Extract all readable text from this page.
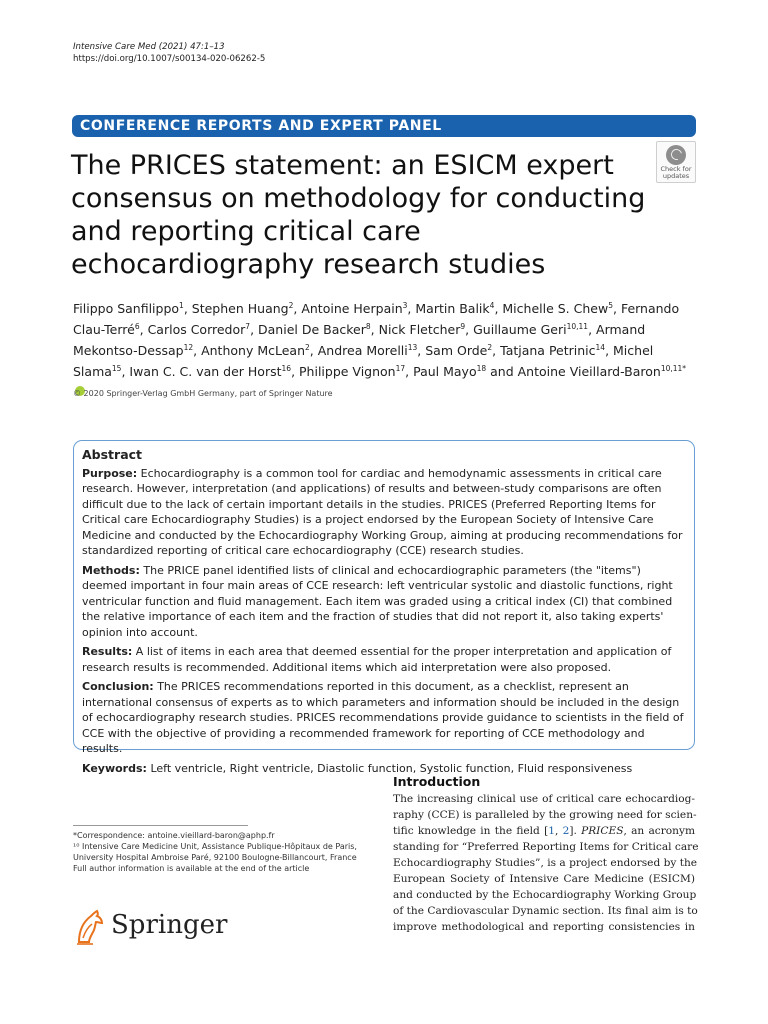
Intensive Care Med (2021) 47:1–13
https://doi.org/10.1007/s00134-020-06262-5
CONFERENCE REPORTS AND EXPERT PANEL
The PRICES statement: an ESICM expert consensus on methodology for conducting and reporting critical care echocardiography research studies
Check for
updates
Filippo Sanfilippo$^1$, Stephen Huang$^2$, Antoine Herpain$^3$, Martin Balik$^4$, Michelle S. Chew$^5$, Fernando Clau-Terré$^6$, Carlos Corredor$^7$, Daniel De Backer$^8$, Nick Fletcher$^9$, Guillaume Geri$^{10,11}$, Armand Mekontso-Dessap$^{12}$, Anthony McLean$^2$, Andrea Morelli$^{13}$, Sam Orde$^2$, Tatjana Petrinic$^{14}$, Michel Slama$^{15}$, Iwan C. C. van der Horst$^{16}$, Philippe Vignon$^{17}$, Paul Mayo$^{18}$ and Antoine Vieillard-Baron$^{10,11*}$
© 2020 Springer-Verlag GmbH Germany, part of Springer Nature
Abstract

Purpose: Echocardiography is a common tool for cardiac and hemodynamic assessments in critical care research. However, interpretation (and applications) of results and between-study comparisons are often difficult due to the lack of certain important details in the studies. PRICES (Preferred Reporting Items for Critical care Echocardiography Studies) is a project endorsed by the European Society of Intensive Care Medicine and conducted by the Echocardiography Working Group, aiming at producing recommendations for standardized reporting of critical care echocardiography (CCE) research studies.

Methods: The PRICE panel identified lists of clinical and echocardiographic parameters (the "items") deemed important in four main areas of CCE research: left ventricular systolic and diastolic functions, right ventricular function and fluid management. Each item was graded using a critical index (CI) that combined the relative importance of each item and the fraction of studies that did not report it, also taking experts' opinion into account.

Results: A list of items in each area that deemed essential for the proper interpretation and application of research results is recommended. Additional items which aid interpretation were also proposed.

Conclusion: The PRICES recommendations reported in this document, as a checklist, represent an international consensus of experts as to which parameters and information should be included in the design of echocardiography research studies. PRICES recommendations provide guidance to scientists in the field of CCE with the objective of providing a recommended framework for reporting of CCE methodology and results.

Keywords: Left ventricle, Right ventricle, Diastolic function, Systolic function, Fluid responsiveness

*Correspondence: antoine.vieillard-baron@aphp.fr
¹⁰ Intensive Care Medicine Unit, Assistance Publique-Hôpitaux de Paris,
University Hospital Ambroise Paré, 92100 Boulogne-Billancourt, France
Full author information is available at the end of the article
Springer
Introduction
The increasing clinical use of critical care echocardiog-
raphy (CCE) is paralleled by the growing need for scien-
tific knowledge in the field [1, 2]. PRICES, an acronym
standing for “Preferred Reporting Items for Critical care
Echocardiography Studies”, is a project endorsed by the
European Society of Intensive Care Medicine (ESICM)
and conducted by the Echocardiography Working Group
of the Cardiovascular Dynamic section. Its final aim is to
improve methodological and reporting consistencies in
